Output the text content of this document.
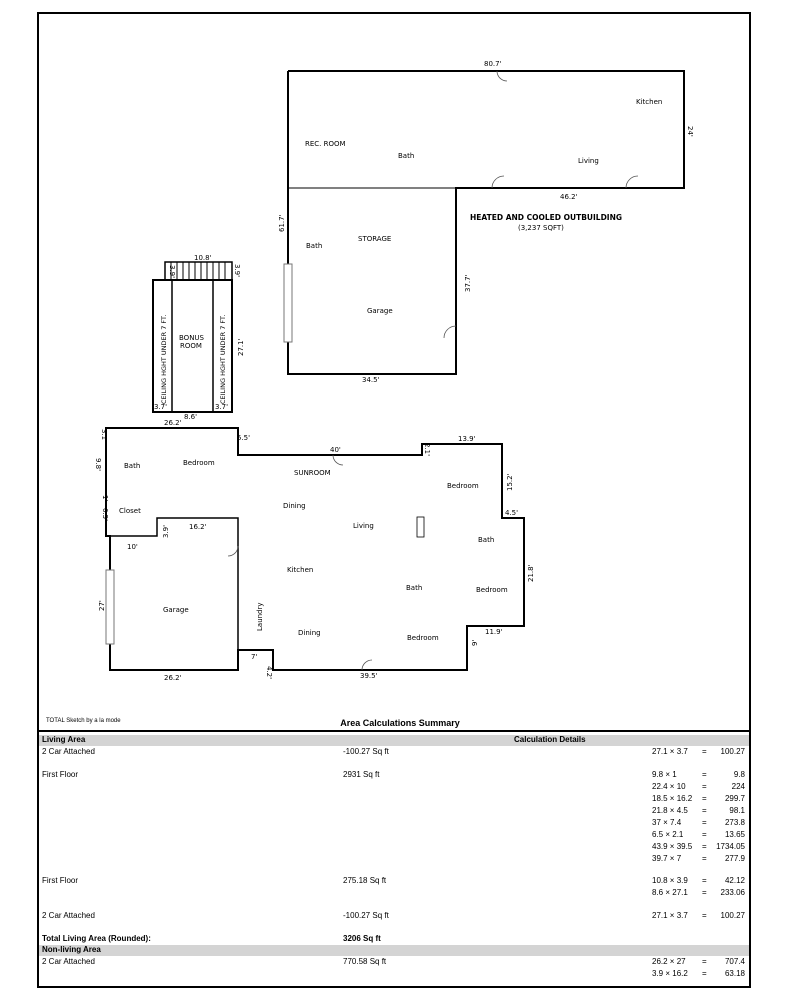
80.7'
24'
46.2'
61.7'
37.7'
34.5'
REC. ROOM
Bath
Kitchen
Living
Bath
STORAGE
Garage
HEATED AND COOLED OUTBUILDING
(3,237 SQFT)
10.8'
3.9'	3.9'
27.1'
3.7'	3.7'
8.6'
CEILING HGHT UNDER 7 FT.	CEILING HGHT UNDER 7 FT.
BONUS
ROOM
26.2'
3.1'
9.8'
1'
6.5'
5.5'
40'	2.1'
13.9'
15.2'
4.5'
21.8'
11.9'
9'
39.5'
4.2'
7'
3.9'	16.2'
10'
27'
26.2'
Bath	Bedroom
SUNROOM
Bedroom
Closet
Dining
Living
Bath
Kitchen
Bath	Bedroom
Garage	Laundry
Dining
Bedroom
TOTAL Sketch by a la mode	Area Calculations Summary
Living Area	Calculation Details
2 Car Attached	-100.27 Sq ft	27.1 × 3.7 = 100.27
First Floor	2931 Sq ft	9.8 × 1	=	9.8
22.4 × 10 =	224
18.5 × 16.2 = 299.7
21.8 × 4.5 =	98.1
37 × 7.4	= 273.8
6.5 × 2.1 = 13.65
43.9 × 39.5 = 1734.05
39.7 × 7	= 277.9
First Floor	275.18 Sq ft	10.8 × 3.9 = 42.12
8.6 × 27.1 = 233.06
2 Car Attached	-100.27 Sq ft	27.1 × 3.7 = 100.27
Total Living Area (Rounded):	3206 Sq ft
Non-living Area
2 Car Attached	770.58 Sq ft	26.2 × 27 = 707.4
3.9 × 16.2 = 63.18
